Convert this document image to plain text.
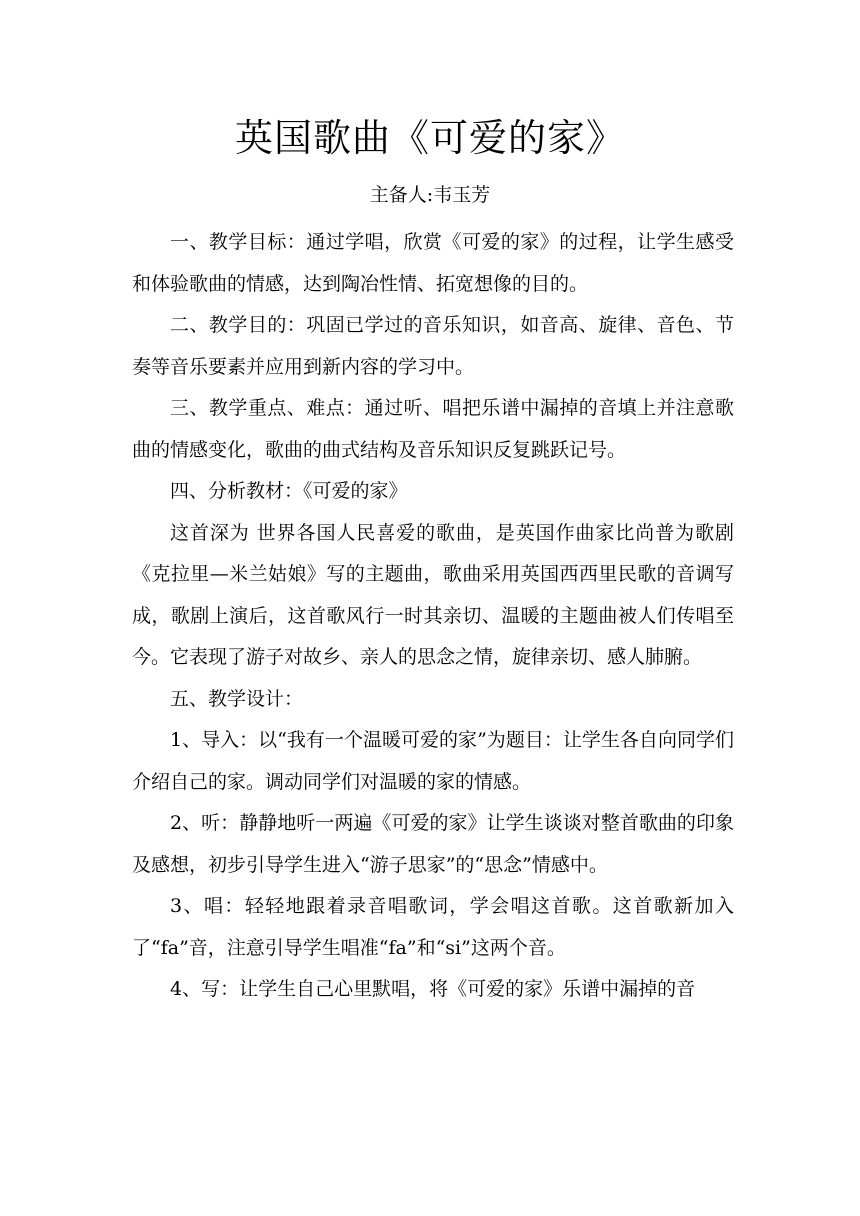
英国歌曲《可爱的家》
主备人:韦玉芳

一、教学目标：通过学唱，欣赏《可爱的家》的过程，让学生感受和体验歌曲的情感，达到陶冶性情、拓宽想像的目的。

二、教学目的：巩固已学过的音乐知识，如音高、旋律、音色、节奏等音乐要素并应用到新内容的学习中。

三、教学重点、难点：通过听、唱把乐谱中漏掉的音填上并注意歌曲的情感变化，歌曲的曲式结构及音乐知识反复跳跃记号。

四、分析教材：《可爱的家》

这首深为 世界各国人民喜爱的歌曲，是英国作曲家比尚普为歌剧《克拉里—米兰姑娘》写的主题曲，歌曲采用英国西西里民歌的音调写成，歌剧上演后，这首歌风行一时其亲切、温暖的主题曲被人们传唱至今。它表现了游子对故乡、亲人的思念之情，旋律亲切、感人肺腑。

五、教学设计：

1、导入：以“我有一个温暖可爱的家”为题目：让学生各自向同学们介绍自己的家。调动同学们对温暖的家的情感。

2、听：静静地听一两遍《可爱的家》让学生谈谈对整首歌曲的印象及感想，初步引导学生进入“游子思家”的“思念”情感中。

3、唱：轻轻地跟着录音唱歌词，学会唱这首歌。这首歌新加入了“fa”音，注意引导学生唱准“fa”和“si”这两个音。

4、写：让学生自己心里默唱，将《可爱的家》乐谱中漏掉的音
